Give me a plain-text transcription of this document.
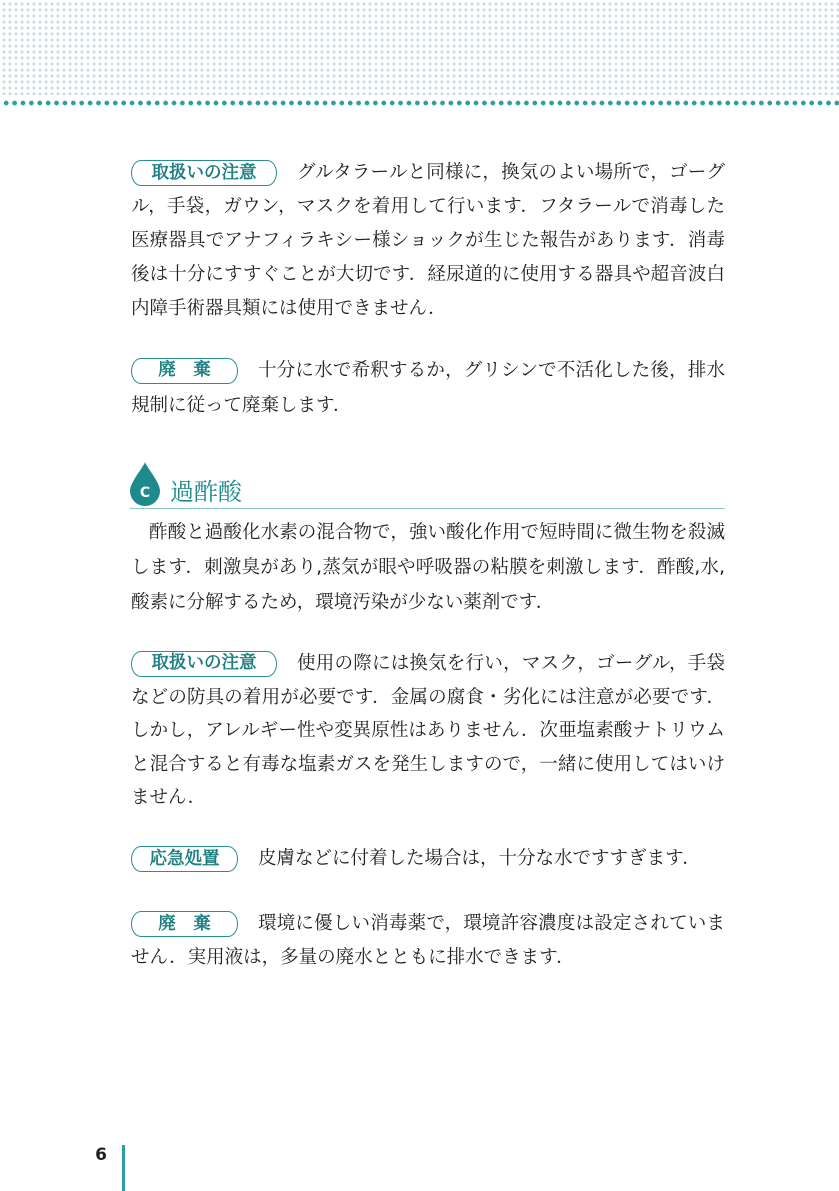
取扱いの注意	グルタラールと同様に，換気のよい場所で，ゴーグ
ル，手袋，ガウン，マスクを着用して行います．フタラールで消毒した
医療器具でアナフィラキシー様ショックが生じた報告があります．消毒
後は十分にすすぐことが大切です．経尿道的に使用する器具や超音波白
内障手術器具類には使用できません．
廃　棄	十分に水で希釈するか，グリシンで不活化した後，排水
規制に従って廃棄します．
C 過酢酸
酢酸と過酸化水素の混合物で，強い酸化作用で短時間に微生物を殺滅
します．刺激臭があり,蒸気が眼や呼吸器の粘膜を刺激します．酢酸,水,
酸素に分解するため，環境汚染が少ない薬剤です．
取扱いの注意	使用の際には換気を行い，マスク，ゴーグル，手袋
などの防具の着用が必要です．金属の腐食・劣化には注意が必要です．
しかし，アレルギー性や変異原性はありません．次亜塩素酸ナトリウム
と混合すると有毒な塩素ガスを発生しますので，一緒に使用してはいけ
ません．
応急処置	皮膚などに付着した場合は，十分な水ですすぎます．
廃　棄	環境に優しい消毒薬で，環境許容濃度は設定されていま
せん．実用液は，多量の廃水とともに排水できます．
6
